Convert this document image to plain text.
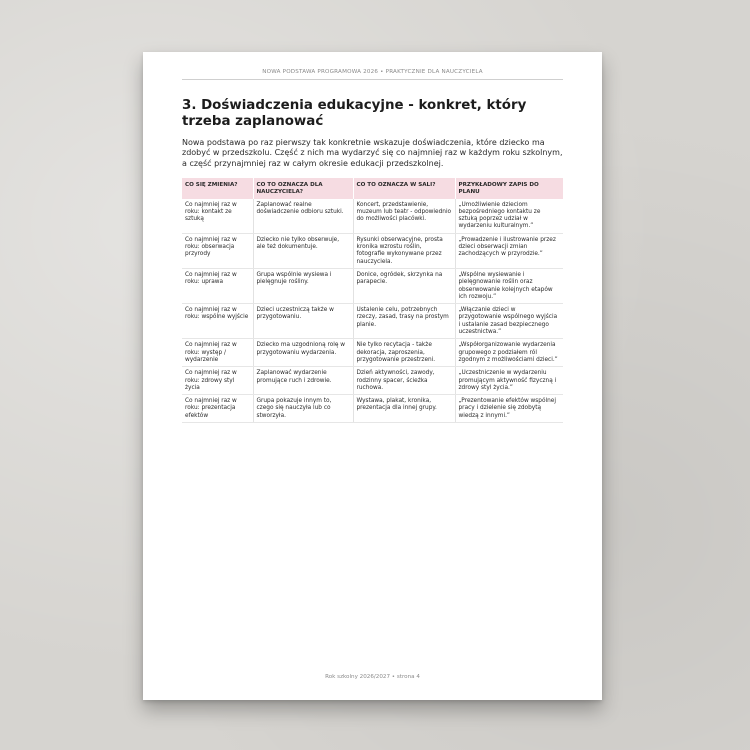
NOWA PODSTAWA PROGRAMOWA 2026 • PRAKTYCZNIE DLA NAUCZYCIELA
3. Doświadczenia edukacyjne - konkret, który trzeba zaplanować

Nowa podstawa po raz pierwszy tak konkretnie wskazuje doświadczenia, które dziecko ma zdobyć w przedszkolu. Część z nich ma wydarzyć się co najmniej raz w każdym roku szkolnym, a część przynajmniej raz w całym okresie edukacji przedszkolnej.

CO SIĘ ZMIENIA?	CO TO OZNACZA DLA NAUCZYCIELA?	CO TO OZNACZA W SALI?	PRZYKŁADOWY ZAPIS DO PLANU
Co najmniej raz w roku: kontakt ze sztuką	Zaplanować realne doświadczenie odbioru sztuki.	Koncert, przedstawienie, muzeum lub teatr - odpowiednio do możliwości placówki.	„Umożliwienie dzieciom bezpośredniego kontaktu ze sztuką poprzez udział w wydarzeniu kulturalnym.”
Co najmniej raz w roku: obserwacja przyrody	Dziecko nie tylko obserwuje, ale też dokumentuje.	Rysunki obserwacyjne, prosta kronika wzrostu roślin, fotografie wykonywane przez nauczyciela.	„Prowadzenie i ilustrowanie przez dzieci obserwacji zmian zachodzących w przyrodzie.”
Co najmniej raz w roku: uprawa	Grupa wspólnie wysiewa i pielęgnuje rośliny.	Donice, ogródek, skrzynka na parapecie.	„Wspólne wysiewanie i pielęgnowanie roślin oraz obserwowanie kolejnych etapów ich rozwoju.”
Co najmniej raz w roku: wspólne wyjście	Dzieci uczestniczą także w przygotowaniu.	Ustalenie celu, potrzebnych rzeczy, zasad, trasy na prostym planie.	„Włączanie dzieci w przygotowanie wspólnego wyjścia i ustalanie zasad bezpiecznego uczestnictwa.”
Co najmniej raz w roku: występ / wydarzenie	Dziecko ma uzgodnioną rolę w przygotowaniu wydarzenia.	Nie tylko recytacja - także dekoracja, zaproszenia, przygotowanie przestrzeni.	„Współorganizowanie wydarzenia grupowego z podziałem ról zgodnym z możliwościami dzieci.”
Co najmniej raz w roku: zdrowy styl życia	Zaplanować wydarzenie promujące ruch i zdrowie.	Dzień aktywności, zawody, rodzinny spacer, ścieżka ruchowa.	„Uczestniczenie w wydarzeniu promującym aktywność fizyczną i zdrowy styl życia.”
Co najmniej raz w roku: prezentacja efektów	Grupa pokazuje innym to, czego się nauczyła lub co stworzyła.	Wystawa, plakat, kronika, prezentacja dla innej grupy.	„Prezentowanie efektów wspólnej pracy i dzielenie się zdobytą wiedzą z innymi.”
Rok szkolny 2026/2027 • strona 4
